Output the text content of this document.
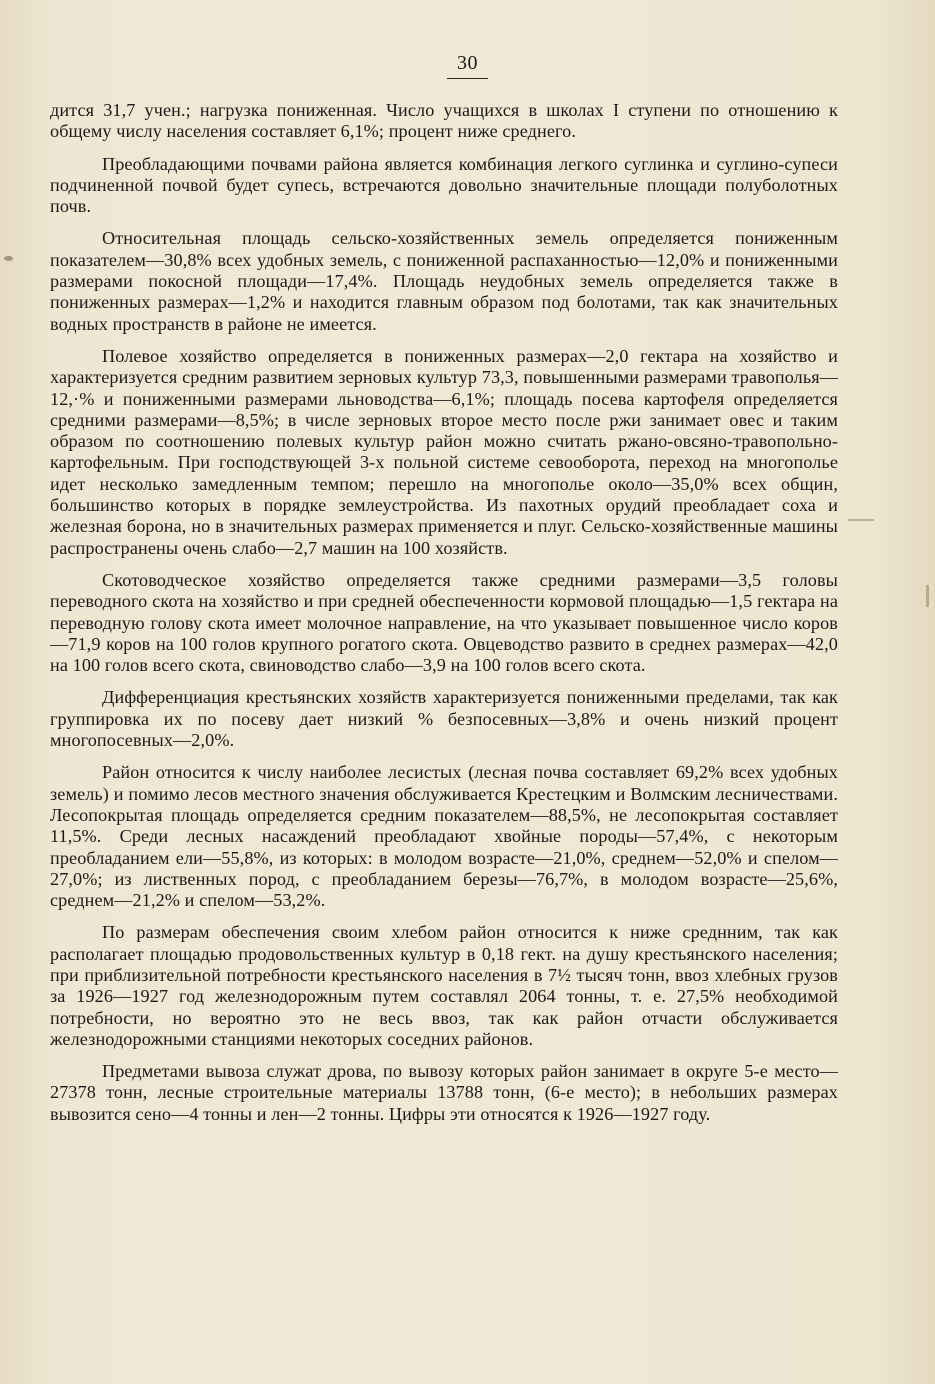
30

дится 31,7 учен.; нагрузка пониженная. Число учащихся в школах I ступени по отношению к общему числу населения составляет 6,1%; процент ниже среднего.

Преобладающими почвами района является комбинация легкого суглинка и суглино-супеси подчиненной почвой будет супесь, встречаются довольно значительные площади полуболотных почв.

Относительная площадь сельско-хозяйственных земель определяется пониженным показателем—30,8% всех удобных земель, с пониженной распаханностью—12,0% и пониженными размерами покосной площади—17,4%. Площадь неудобных земель определяется также в пониженных размерах—1,2% и находится главным образом под болотами, так как значительных водных пространств в районе не имеется.

Полевое хозяйство определяется в пониженных размерах—2,0 гектара на хозяйство и характеризуется средним развитием зерновых культур 73,3, повышенными размерами травополья—12,·% и пониженными размерами льноводства—6,1%; площадь посева картофеля определяется средними размерами—8,5%; в числе зерновых второе место после ржи занимает овес и таким образом по соотношению полевых культур район можно считать ржано-овсяно-травопольно-картофельным. При господствующей 3-х польной системе севооборота, переход на многополье идет несколько замедленным темпом; перешло на многополье около—35,0% всех общин, большинство которых в порядке землеустройства. Из пахотных орудий преобладает соха и железная борона, но в значительных размерах применяется и плуг. Сельско-хозяйственные машины распространены очень слабо—2,7 машин на 100 хозяйств.

Скотоводческое хозяйство определяется также средними размерами—3,5 головы переводного скота на хозяйство и при средней обеспеченности кормовой площадью—1,5 гектара на переводную голову скота имеет молочное направление, на что указывает повышенное число коров—71,9 коров на 100 голов крупного рогатого скота. Овцеводство развито в среднех размерах—42,0 на 100 голов всего скота, свиноводство слабо—3,9 на 100 голов всего скота.

Дифференциация крестьянских хозяйств характеризуется пониженными пределами, так как группировка их по посеву дает низкий % безпосевных—3,8% и очень низкий процент многопосевных—2,0%.

Район относится к числу наиболее лесистых (лесная почва составляет 69,2% всех удобных земель) и помимо лесов местного значения обслуживается Крестецким и Волмским лесничествами. Лесопокрытая площадь определяется средним показателем—88,5%, не лесопокрытая составляет 11,5%. Среди лесных насаждений преобладают хвойные породы—57,4%, с некоторым преобладанием ели—55,8%, из которых: в молодом возрасте—21,0%, среднем—52,0% и спелом—27,0%; из лиственных пород, с преобладанием березы—76,7%, в молодом возрасте—25,6%, среднем—21,2% и спелом—53,2%.

По размерам обеспечения своим хлебом район относится к ниже среднним, так как располагает площадью продовольственных культур в 0,18 гект. на душу крестьянского населения; при приблизительной потребности крестьянского населения в 7½ тысяч тонн, ввоз хлебных грузов за 1926—1927 год железнодорожным путем составлял 2064 тонны, т. е. 27,5% необходимой потребности, но вероятно это не весь ввоз, так как район отчасти обслуживается железнодорожными станциями некоторых соседних районов.

Предметами вывоза служат дрова, по вывозу которых район занимает в округе 5-е место—27378 тонн, лесные строительные материалы 13788 тонн, (6-е место); в небольших размерах вывозится сено—4 тонны и лен—2 тонны. Цифры эти относятся к 1926—1927 году.
